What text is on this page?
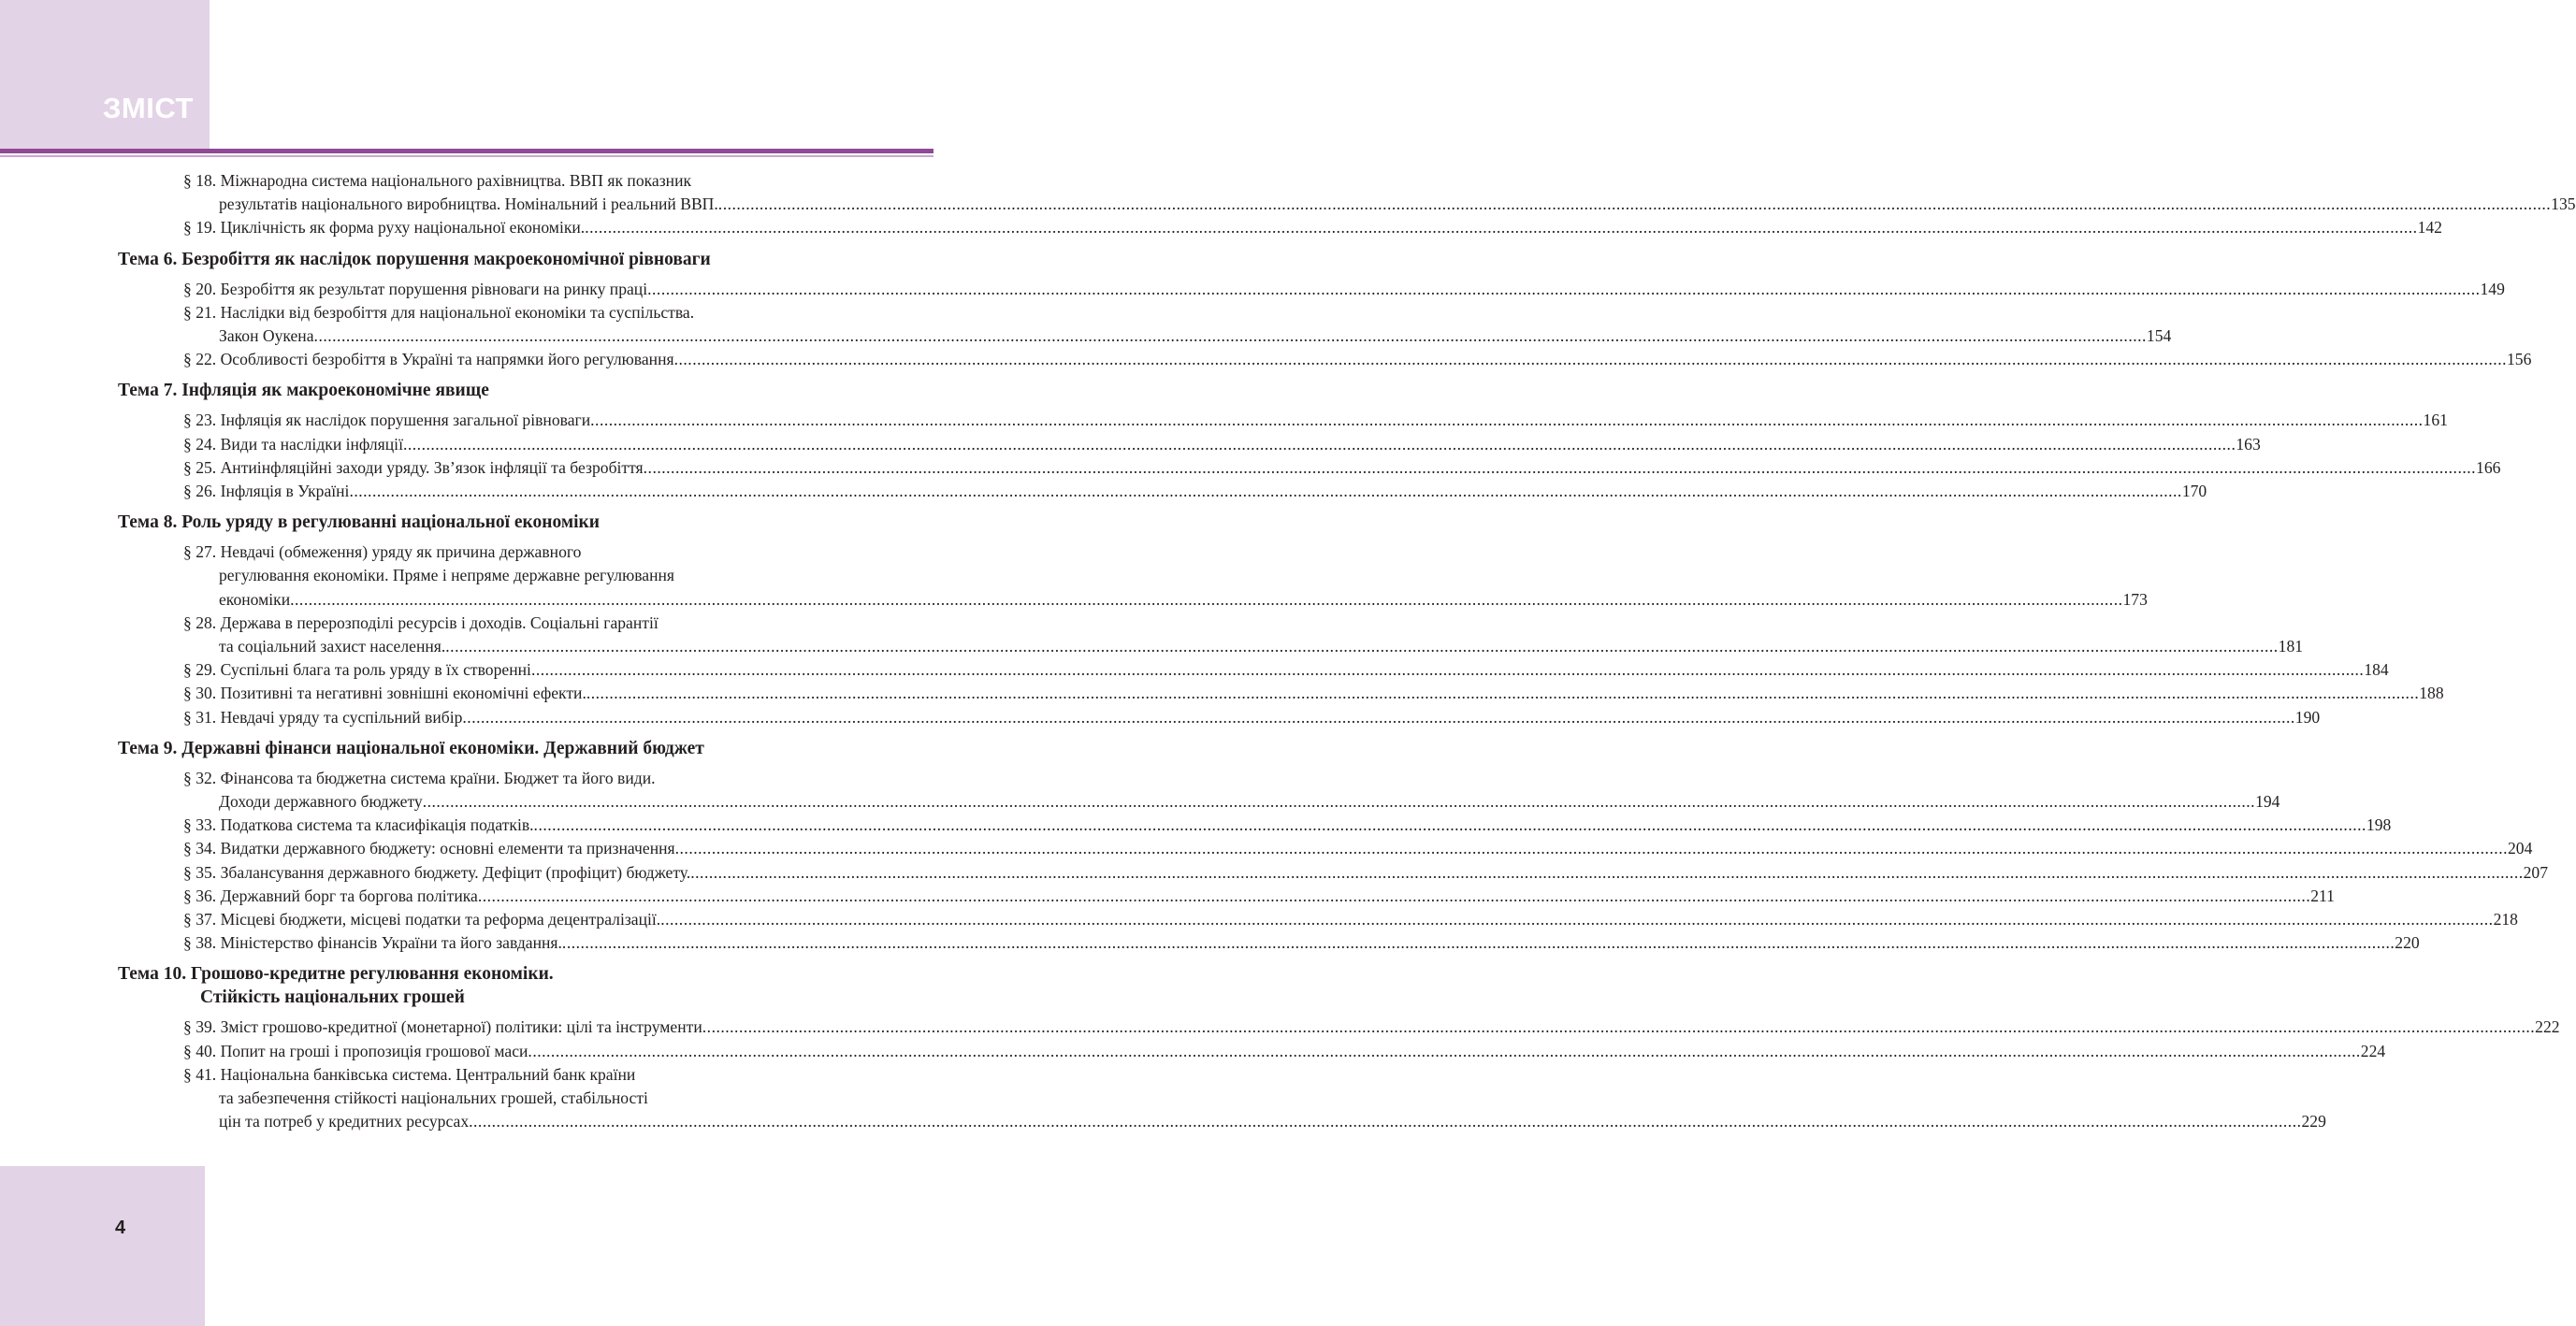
ЗМІСТ
§ 18. Міжнародна система національного рахівництва. ВВП як показник
результатів національного виробництва. Номінальний і реальний ВВП. ................................................................................................................................................................................................................................................................................................................................................................................................................ 135
§ 19. Циклічність як форма руху національної економіки. ................................................................................................................................................................................................................................................................................................................................................................................................................ 142
Тема 6. Безробіття як наслідок порушення макроекономічної рівноваги
§ 20. Безробіття як результат порушення рівноваги на ринку праці ................................................................................................................................................................................................................................................................................................................................................................................................................ 149
§ 21. Наслідки від безробіття для національної економіки та суспільства.
Закон Оукена ................................................................................................................................................................................................................................................................................................................................................................................................................ 154
§ 22. Особливості безробіття в Україні та напрямки його регулювання ................................................................................................................................................................................................................................................................................................................................................................................................................ 156
Тема 7. Інфляція як макроекономічне явище
§ 23. Інфляція як наслідок порушення загальної рівноваги ................................................................................................................................................................................................................................................................................................................................................................................................................ 161
§ 24. Види та наслідки інфляції ................................................................................................................................................................................................................................................................................................................................................................................................................ 163
§ 25. Антиінфляційні заходи уряду. Зв’язок інфляції та безробіття ................................................................................................................................................................................................................................................................................................................................................................................................................ 166
§ 26. Інфляція в Україні ................................................................................................................................................................................................................................................................................................................................................................................................................ 170
Тема 8. Роль уряду в регулюванні національної економіки
§ 27. Невдачі (обмеження) уряду як причина державного
регулювання економіки. Пряме і непряме державне регулювання
економіки ................................................................................................................................................................................................................................................................................................................................................................................................................ 173
§ 28. Держава в перерозподілі ресурсів і доходів. Соціальні гарантії
та соціальний захист населення. ................................................................................................................................................................................................................................................................................................................................................................................................................ 181
§ 29. Суспільні блага та роль уряду в їх створенні ................................................................................................................................................................................................................................................................................................................................................................................................................ 184
§ 30. Позитивні та негативні зовнішні економічні ефекти. ................................................................................................................................................................................................................................................................................................................................................................................................................ 188
§ 31. Невдачі уряду та суспільний вибір ................................................................................................................................................................................................................................................................................................................................................................................................................ 190
Тема 9. Державні фінанси національної економіки. Державний бюджет
§ 32. Фінансова та бюджетна система країни. Бюджет та його види.
Доходи державного бюджету ................................................................................................................................................................................................................................................................................................................................................................................................................ 194
§ 33. Податкова система та класифікація податків. ................................................................................................................................................................................................................................................................................................................................................................................................................ 198
§ 34. Видатки державного бюджету: основні елементи та призначення ................................................................................................................................................................................................................................................................................................................................................................................................................ 204
§ 35. Збалансування державного бюджету. Дефіцит (профіцит) бюджету. ................................................................................................................................................................................................................................................................................................................................................................................................................ 207
§ 36. Державний борг та боргова політика ................................................................................................................................................................................................................................................................................................................................................................................................................ 211
§ 37. Місцеві бюджети, місцеві податки та реформа децентралізації. ................................................................................................................................................................................................................................................................................................................................................................................................................ 218
§ 38. Міністерство фінансів України та його завдання. ................................................................................................................................................................................................................................................................................................................................................................................................................ 220
Тема 10. Грошово-кредитне регулювання економіки.
Стійкість національних грошей
§ 39. Зміст грошово-кредитної (монетарної) політики: цілі та інструменти ................................................................................................................................................................................................................................................................................................................................................................................................................ 222
§ 40. Попит на гроші і пропозиція грошової маси ................................................................................................................................................................................................................................................................................................................................................................................................................ 224
§ 41. Національна банківська система. Центральний банк країни
та забезпечення стійкості національних грошей, стабільності
цін та потреб у кредитних ресурсах ................................................................................................................................................................................................................................................................................................................................................................................................................ 229
4
